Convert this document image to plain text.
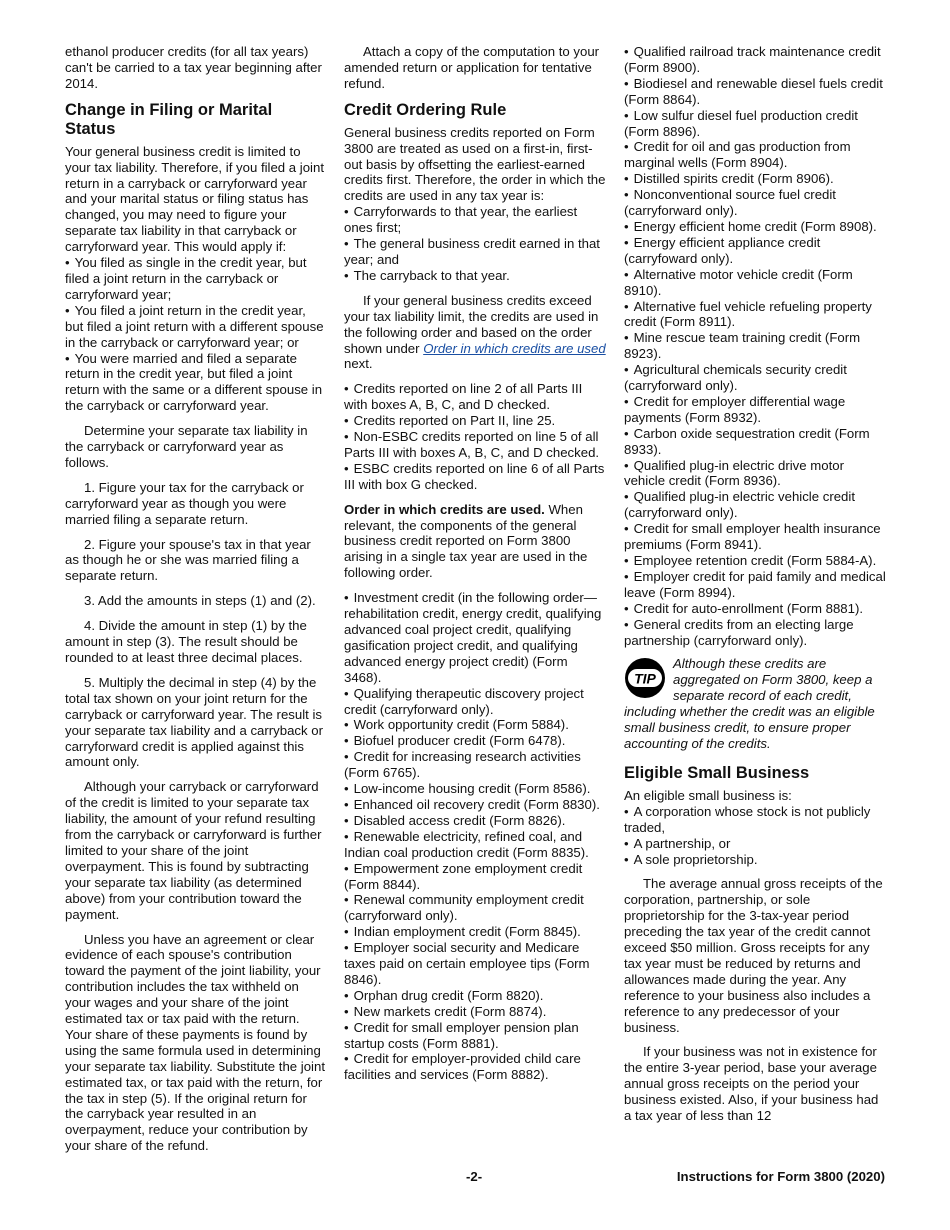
ethanol producer credits (for all tax years) can't be carried to a tax year beginning after 2014.

Change in Filing or Marital Status

Your general business credit is limited to your tax liability. Therefore, if you filed a joint return in a carryback or carryforward year and your marital status or filing status has changed, you may need to figure your separate tax liability in that carryback or carryforward year. This would apply if:

• You filed as single in the credit year, but filed a joint return in the carryback or carryforward year;

• You filed a joint return in the credit year, but filed a joint return with a different spouse in the carryback or carryforward year; or

• You were married and filed a separate return in the credit year, but filed a joint return with the same or a different spouse in the carryback or carryforward year.

Determine your separate tax liability in the carryback or carryforward year as follows.

1. Figure your tax for the carryback or carryforward year as though you were married filing a separate return.

2. Figure your spouse's tax in that year as though he or she was married filing a separate return.

3. Add the amounts in steps (1) and (2).

4. Divide the amount in step (1) by the amount in step (3). The result should be rounded to at least three decimal places.

5. Multiply the decimal in step (4) by the total tax shown on your joint return for the carryback or carryforward year. The result is your separate tax liability and a carryback or carryforward credit is applied against this amount only.

Although your carryback or carryforward of the credit is limited to your separate tax liability, the amount of your refund resulting from the carryback or carryforward is further limited to your share of the joint overpayment. This is found by subtracting your separate tax liability (as determined above) from your contribution toward the payment.

Unless you have an agreement or clear evidence of each spouse's contribution toward the payment of the joint liability, your contribution includes the tax withheld on your wages and your share of the joint estimated tax or tax paid with the return. Your share of these payments is found by using the same formula used in determining your separate tax liability. Substitute the joint estimated tax, or tax paid with the return, for the tax in step (5). If the original return for the carryback year resulted in an overpayment, reduce your contribution by your share of the refund.

Attach a copy of the computation to your amended return or application for tentative refund.

Credit Ordering Rule

General business credits reported on Form 3800 are treated as used on a first-in, first-out basis by offsetting the earliest-earned credits first. Therefore, the order in which the credits are used in any tax year is:

• Carryforwards to that year, the earliest ones first;

• The general business credit earned in that year; and

• The carryback to that year.

If your general business credits exceed your tax liability limit, the credits are used in the following order and based on the order shown under Order in which credits are used next.

• Credits reported on line 2 of all Parts III with boxes A, B, C, and D checked.

• Credits reported on Part II, line 25.

• Non-ESBC credits reported on line 5 of all Parts III with boxes A, B, C, and D checked.

• ESBC credits reported on line 6 of all Parts III with box G checked.

Order in which credits are used. When relevant, the components of the general business credit reported on Form 3800 arising in a single tax year are used in the following order.

• Investment credit (in the following order—rehabilitation credit, energy credit, qualifying advanced coal project credit, qualifying gasification project credit, and qualifying advanced energy project credit) (Form 3468).

• Qualifying therapeutic discovery project credit (carryforward only).

• Work opportunity credit (Form 5884).

• Biofuel producer credit (Form 6478).

• Credit for increasing research activities (Form 6765).

• Low-income housing credit (Form 8586).

• Enhanced oil recovery credit (Form 8830).

• Disabled access credit (Form 8826).

• Renewable electricity, refined coal, and Indian coal production credit (Form 8835).

• Empowerment zone employment credit (Form 8844).

• Renewal community employment credit (carryforward only).

• Indian employment credit (Form 8845).

• Employer social security and Medicare taxes paid on certain employee tips (Form 8846).

• Orphan drug credit (Form 8820).

• New markets credit (Form 8874).

• Credit for small employer pension plan startup costs (Form 8881).

• Credit for employer-provided child care facilities and services (Form 8882).

• Qualified railroad track maintenance credit (Form 8900).

• Biodiesel and renewable diesel fuels credit (Form 8864).

• Low sulfur diesel fuel production credit (Form 8896).

• Credit for oil and gas production from marginal wells (Form 8904).

• Distilled spirits credit (Form 8906).

• Nonconventional source fuel credit (carryforward only).

• Energy efficient home credit (Form 8908).

• Energy efficient appliance credit (carryfoward only).

• Alternative motor vehicle credit (Form 8910).

• Alternative fuel vehicle refueling property credit (Form 8911).

• Mine rescue team training credit (Form 8923).

• Agricultural chemicals security credit (carryforward only).

• Credit for employer differential wage payments (Form 8932).

• Carbon oxide sequestration credit (Form 8933).

• Qualified plug-in electric drive motor vehicle credit (Form 8936).

• Qualified plug-in electric vehicle credit (carryforward only).

• Credit for small employer health insurance premiums (Form 8941).

• Employee retention credit (Form 5884-A).

• Employer credit for paid family and medical leave (Form 8994).

• Credit for auto-enrollment (Form 8881).

• General credits from an electing large partnership (carryforward only).

TIP
Although these credits are aggregated on Form 3800, keep a separate record of each credit, including whether the credit was an eligible small business credit, to ensure proper accounting of the credits.
Eligible Small Business

An eligible small business is:

• A corporation whose stock is not publicly traded,

• A partnership, or

• A sole proprietorship.

The average annual gross receipts of the corporation, partnership, or sole proprietorship for the 3-tax-year period preceding the tax year of the credit cannot exceed $50 million. Gross receipts for any tax year must be reduced by returns and allowances made during the year. Any reference to your business also includes a reference to any predecessor of your business.

If your business was not in existence for the entire 3-year period, base your average annual gross receipts on the period your business existed. Also, if your business had a tax year of less than 12

-2-	Instructions for Form 3800 (2020)
